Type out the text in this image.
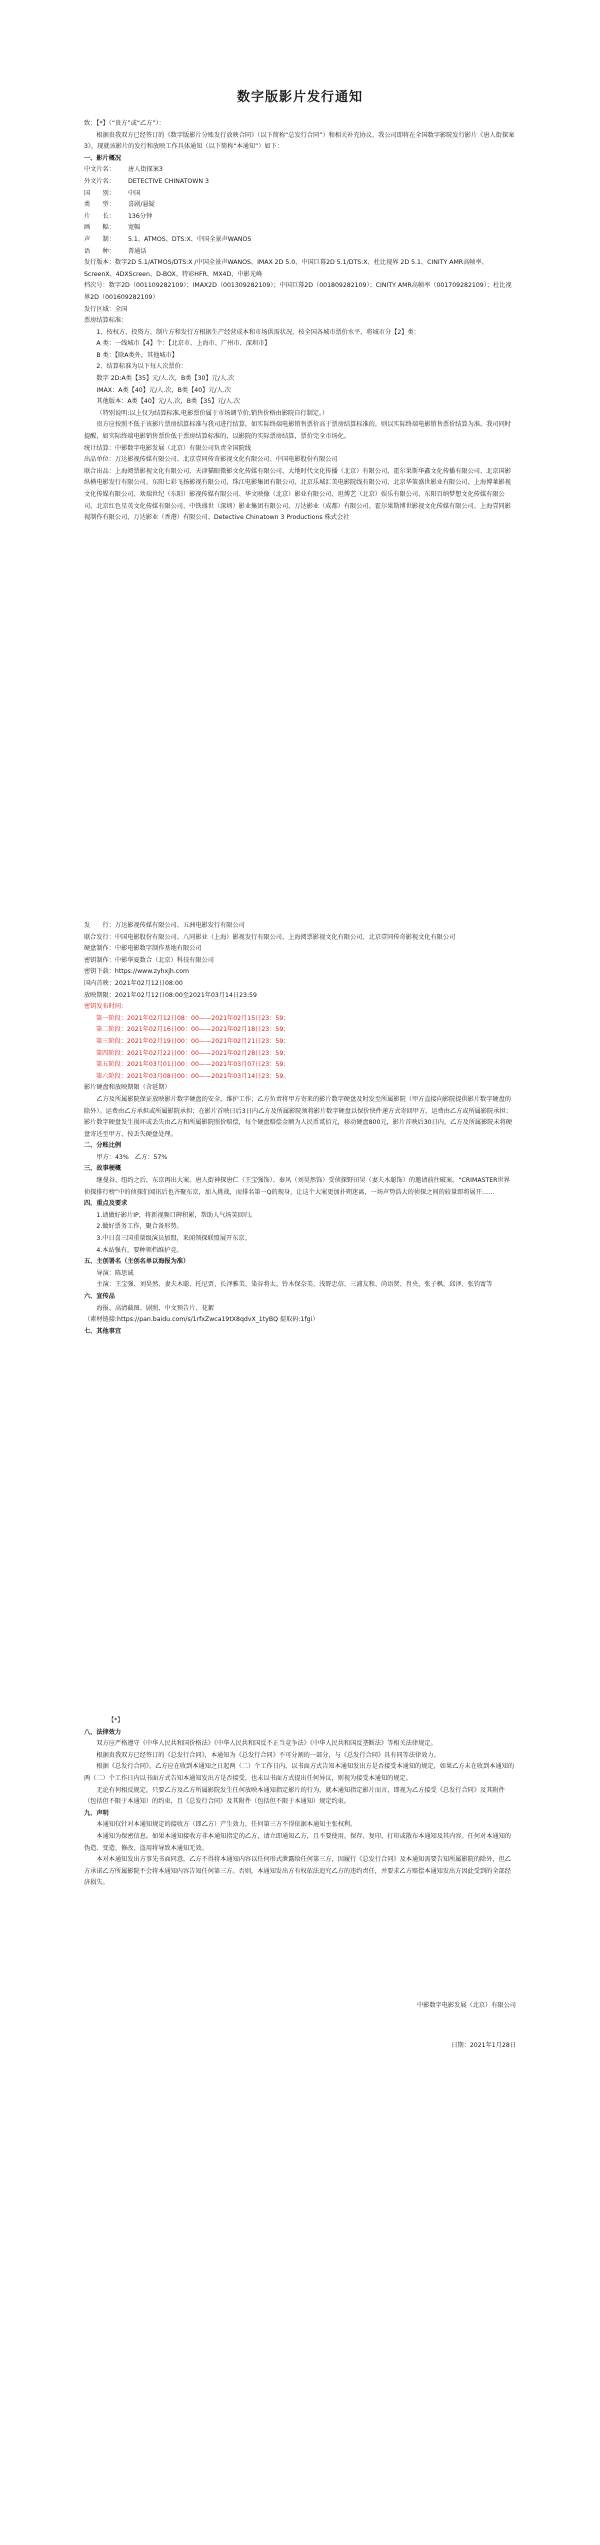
数字版影片发行通知

致：【*】（“贵方”或“乙方”）：

根据贵我双方已经签订的《数字版影片分账发行放映合同》（以下简称“总发行合同”）和相关补充协议，我公司即将在全国数字影院发行影片《唐人街探案3》，现就该影片的发行和放映工作具体通知（以下简称“本通知”）如下：

一、影片概况

中文片名：	唐人街探案3
外文片名：	DETECTIVE CHINATOWN 3
国　　别：	中国
类　　型：	喜剧/悬疑
片　　长：	136分钟
画　　幅：	宽幅
声　　制：	5.1、ATMOS、DTS:X、中国全景声WANOS
语　　种：	普通话

发行版本：数字2D 5.1/ATMOS/DTS:X /中国全景声WANOS、IMAX 2D 5.0、中国巨幕2D 5.1/DTS:X、杜比视界 2D 5.1、CINITY AMR高帧率、ScreenX、4DXScreen、D-BOX、特彩HFR、MX4D、中影光峰

档次号：数字2D（001109282109）；IMAX2D（001309282109）；中国巨幕2D（001809282109）；CINITY AMR高帧率（001709282109）；杜比视界2D（001609282109）

发行区域：全国

票房结算标准：

1、按权方、投资方、制片方和发行方根据生产经营成本和市场供需状况，按全国各城市票价水平，将城市分【2】类：

A 类：一线城市【4】个：【北京市、上海市、广州市、深圳市】

B 类：【除A类外，其他城市】

2、结算标准为以下每人次票价：

数字 2D:A类【35】元/人.次，B类【30】元/人.次

IMAX：A类【40】元/人.次，B类【40】元/人.次

其他版本：A类【40】元/人.次，B类【35】元/人.次

（特别说明:以上仅为结算标准,电影票价属于市场调节价,销售价格由影院自行制定。）

贵方应按照不低于该影片票房结算标准与我司进行结算，如实际终端电影销售票价高于票房结算标准的，则以实际终端电影销售票价结算为准。我司同时提醒，如实际终端电影销售票价低于票房结算标准的，以影院的实际票房结算，票价完全市场化。

统计结算：中影数字电影发展（北京）有限公司负责全国院线

出品单位：万达影视传媒有限公司、北京壹同传奇影视文化有限公司、中国电影股份有限公司

联合出品：上海阅票影视文化有限公司、天津猫眼微影文化传媒有限公司、大地时代文化传播（北京）有限公司、霍尔果斯华鑫文化传播有限公司、北京国影纵横电影发行有限公司、东阳七彩飞扬影视有限公司、珠江电影集团有限公司、北京乐城汇美电影院线有限公司、北京华策盛世影业有限公司、上海博莱影视文化传媒有限公司、欢瑞世纪（东阳）影视传媒有限公司、华文映像（北京）影业有限公司、坦博艺（北京）娱乐有限公司、东阳百纳梦想文化传媒有限公司、北京红色星英文化传媒有限公司、中铁盛世（深圳）影业集团有限公司、万达影业（成都）有限公司、霍尔果斯博世影视文化传媒有限公司、上海壹同影视制作有限公司、万达影业（香港）有限公司、Detective Chinatown 3 Productions 株式会社

发　　行：万达影视传媒有限公司、五洲电影发行有限公司

联合发行：中国电影股份有限公司、八同影业（上海）影视发行有限公司、上海阅票影视文化有限公司、北京壹同传奇影视文化有限公司

硬盘制作：中影电影数字制作基地有限公司

密钥制作：中影华夏数合（北京）科技有限公司

密钥下载：https://www.zyhxjh.com

国内首映：2021年02月12日08:00

放映期限：2021年02月12日08:00至2021年03月14日23:59

密钥发布时间：

第一阶段：2021年02月12日08：00——2021年02月15日23：59；

第二阶段：2021年02月16日00：00——2021年02月18日23：59；

第三阶段：2021年02月19日00：00——2021年02月21日23：59；

第四阶段：2021年02月22日00：00——2021年02月28日23：59；

第五阶段：2021年03月01日00：00——2021年03月07日23：59；

第六阶段：2021年03月08日00：00——2021年03月14日23：59。

影片硬盘和放映期限（含延期）

乙方及所属影院保证放映影片数字硬盘的安全，维护工作；乙方负责将甲方寄来的影片数字硬盘及时发至所属影院（甲方直接向影院提供影片数字硬盘的除外）。运费由乙方承担或所属影院承担；在影片首映日后3日内乙方及所属影院须将影片数字硬盘以保价快件递方式寄回甲方，运费由乙方或所属影院承担；影片数字硬盘发生损坏或丢失由乙方和所属影院照价赔偿，每个硬盘赔偿金额为人民币贰佰元，移动硬盘800元，影片首映后30日内，乙方及所属影院未将硬盘寄还至甲方，按丢失硬盘处理。

二、分账比例

甲方：43%　乙方：57%

三、故事梗概

继曼谷、纽约之后，东京再出大案。唐人街神探唐仁（王宝强饰）、秦风（刘昊然饰）受侦探野田昊（妻夫木聪饰）的邀请前往破案。“CRIMASTER世界侦探排行榜”中的侦探们闻讯后也齐聚东京，加入挑战，而排名第一Q的现身，让这个大案更加扑朔迷离，一场声势浩大的侦探之间的较量即将展开……

四、重点及要求

1.请做好影片IP，将新视频口碑积累，帮助人气场笑回归。

2.做好票务工作，聚合备形势。

3.中日喜三国重量级演员加盟，来闻领探联盟展开东京。

4.本站强有，要种领档维护竞。

五、主创署名（主创名单以海报为准）

导演：陈思诚

主演：王宝强、刘昊然、妻夫木聪、托尼贾、长泽雅美、染谷将太、铃木保奈美、浅野忠信、三浦友和、尚语贤、肖央、张子枫、邱泽、张钧甯等

六、宣传品

海报、高清截图、剧照、中文预告片、花絮

（素材链接:https://pan.baidu.com/s/1rfxZwca19tX8qdvX_1tyBQ 提取码:1fgi）

七、其他事宜

【*】

八、法律效力

双方应严格遵守《中华人民共和国价格法》《中华人民共和国反不正当竞争法》《中华人民共和国反垄断法》等相关法律规定。

根据贵我双方已经签订的《总发行合同》，本通知为《总发行合同》不可分割的一部分，与《总发行合同》具有同等法律效力。

根据《总发行合同》，乙方应在收到本通知之日起两（二）个工作日内，以书面方式告知本通知发出方是否接受本通知的规定，如果乙方未在收到本通知的两（二）个工作日内以书面方式告知本通知发出方是否接受，也未以书面方式提出任何异议，则视为接受本通知的规定。

无论有何相反规定，只要乙方及乙方所属影院发生任何放映本通知指定影片的行为，就本通知指定影片而言，即视为乙方接受《总发行合同》及其附件（包括但不限于本通知）的约束，且《总发行合同》及其附件（包括但不限于本通知）规定约束。

九、声明

本通知仅针对本通知规定的接收方（即乙方）产生效力，任何第三方不得依据本通知主张权利。

本通知为保密信息。如果本通知接收方非本通知指定的乙方，请立即通知乙方，且不要使用、保存、复印、打印或散布本通知及其内容。任何对本通知的伪造、变造、修改、盗用将导致本通知无效。

本对本通知发出方事先书面同意，乙方不得将本通知内容以任何形式泄露给任何第三方，因履行《总发行合同》及本通知需要告知所属影院的除外，但乙方承诺乙方所属影院不会将本通知内容告知任何第三方。否则，本通知发出方有权依法追究乙方的违约责任，并要求乙方赔偿本通知发出方因此受到的全部经济损失。

中影数字电影发展（北京）有限公司
日期：2021年1月28日
